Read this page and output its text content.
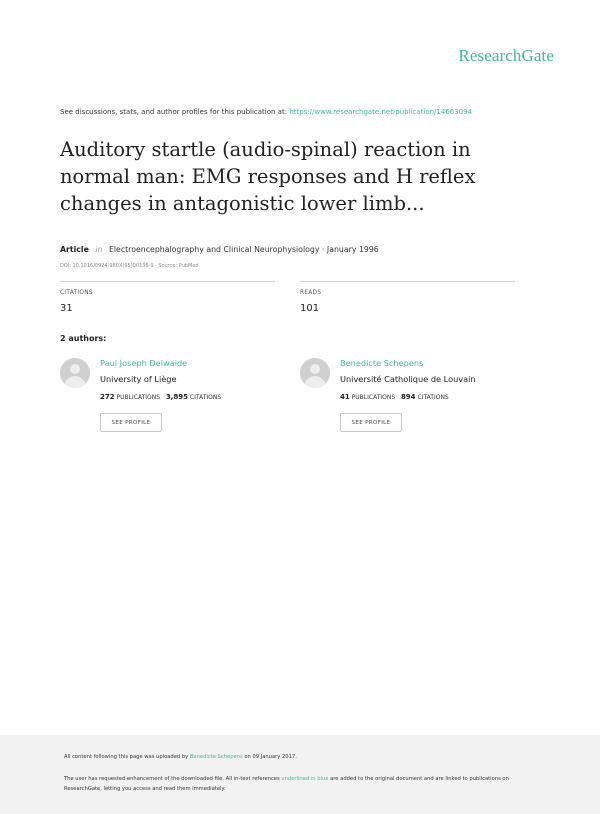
ResearchGate
See discussions, stats, and author profiles for this publication at: https://www.researchgate.net/publication/14663094
Auditory startle (audio-spinal) reaction in normal man: EMG responses and H reflex changes in antagonistic lower limb...
Article in Electroencephalography and Clinical Neurophysiology · January 1996
DOI: 10.1016/0924-980X(95)00136-9 · Source: PubMed
CITATIONS
31
READS
101
2 authors:
Paul Joseph Delwaide
University of Liège
272 PUBLICATIONS 3,895 CITATIONS
SEE PROFILE
Benedicte Schepens
Université Catholique de Louvain
41 PUBLICATIONS 894 CITATIONS
SEE PROFILE
All content following this page was uploaded by Benedicte Schepens on 09 January 2017.
The user has requested enhancement of the downloaded file. All in-text references underlined in blue are added to the original document and are linked to publications on ResearchGate, letting you access and read them immediately.
